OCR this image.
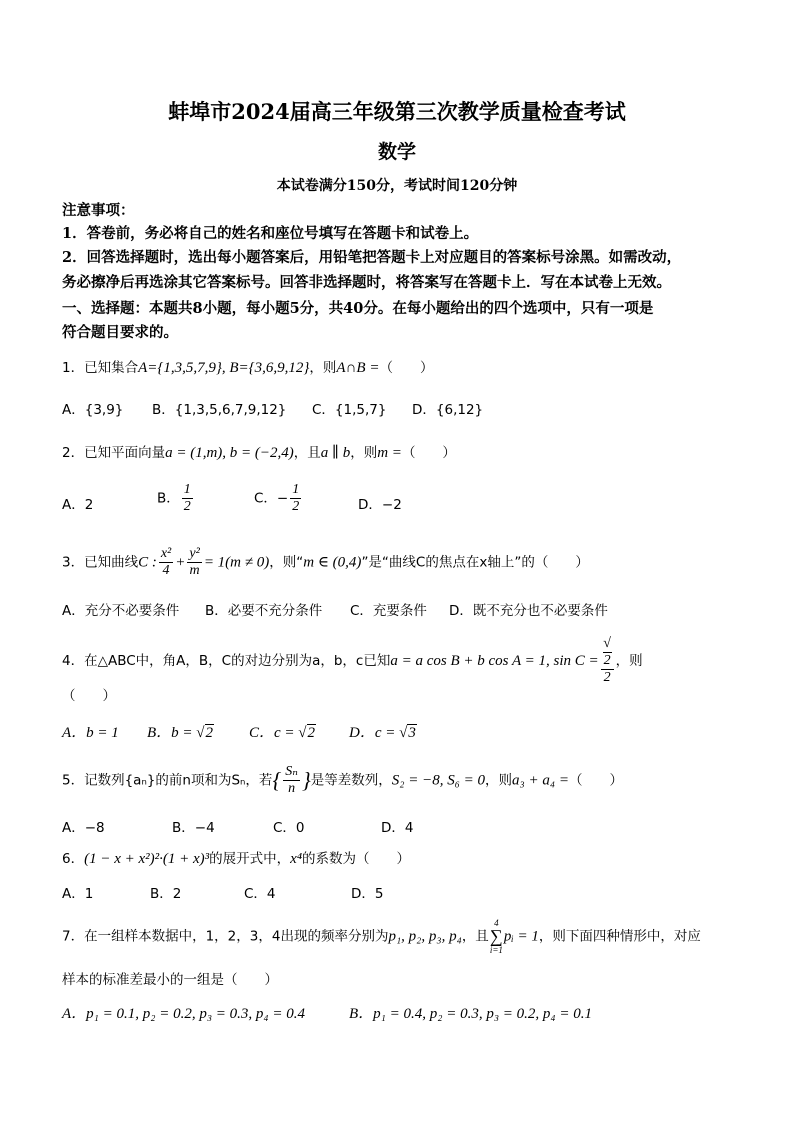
蚌埠市2024届高三年级第三次教学质量检查考试
数学
本试卷满分150分，考试时间120分钟
注意事项：
1．答卷前，务必将自己的姓名和座位号填写在答题卡和试卷上。
2．回答选择题时，选出每小题答案后，用铅笔把答题卡上对应题目的答案标号涂黑。如需改动，
务必擦净后再选涂其它答案标号。回答非选择题时，将答案写在答题卡上．写在本试卷上无效。
一、选择题：本题共8小题，每小题5分，共40分。在每小题给出的四个选项中，只有一项是
符合题目要求的。
1．已知集合A={1,3,5,7,9}, B={3,6,9,12}，则A∩B =（　　）
A．{3,9} B．{1,3,5,6,7,9,12} C．{1,5,7} D．{6,12}
2．已知平面向量a = (1,m), b = (−2,4)，且a ∥ b，则m =（　　）
A．2	B． $\frac{1}{2}$	C．− $\frac{1}{2}$	D．−2
3．已知曲线C : $\frac{\text{x²}}{4} + \frac{\text{y²}}{m} = 1(m \ne 0)$，则“m ∈ (0,4)”是“曲线C的焦点在x轴上”的（　　）
A．充分不必要条件 B．必要不充分条件 C．充要条件 D．既不充分也不必要条件
4．在△ABC中，角A，B，C的对边分别为a，b，c已知a = a cos B + b cos A = 1, sin C = √
2
2 ，则
（　　）
A．b = 1 B．b = √2 C．c = √2 D．c = √3
5．记数列{aₙ}的前n项和为Sₙ，若{ $\frac{\text{Sₙ}}{n}$ }是等差数列，S₂ = −8, S₆ = 0，则a₃ + a₄ =（　　）
A．−8	B．−4	C．0	D．4
6．(1 − x + x²)²·(1 + x)³的展开式中，x⁴的系数为（　　）
A．1	B．2	C．4	D．5
7．在一组样本数据中，1，2，3，4出现的频率分别为p₁, p₂, p₃, p₄，且
4
∑
i=1
pᵢ = 1，则下面四种情形中，对应
样本的标准差最小的一组是（　　）
A．p₁ = 0.1, p₂ = 0.2, p₃ = 0.3, p₄ = 0.4	B．p₁ = 0.4, p₂ = 0.3, p₃ = 0.2, p₄ = 0.1
